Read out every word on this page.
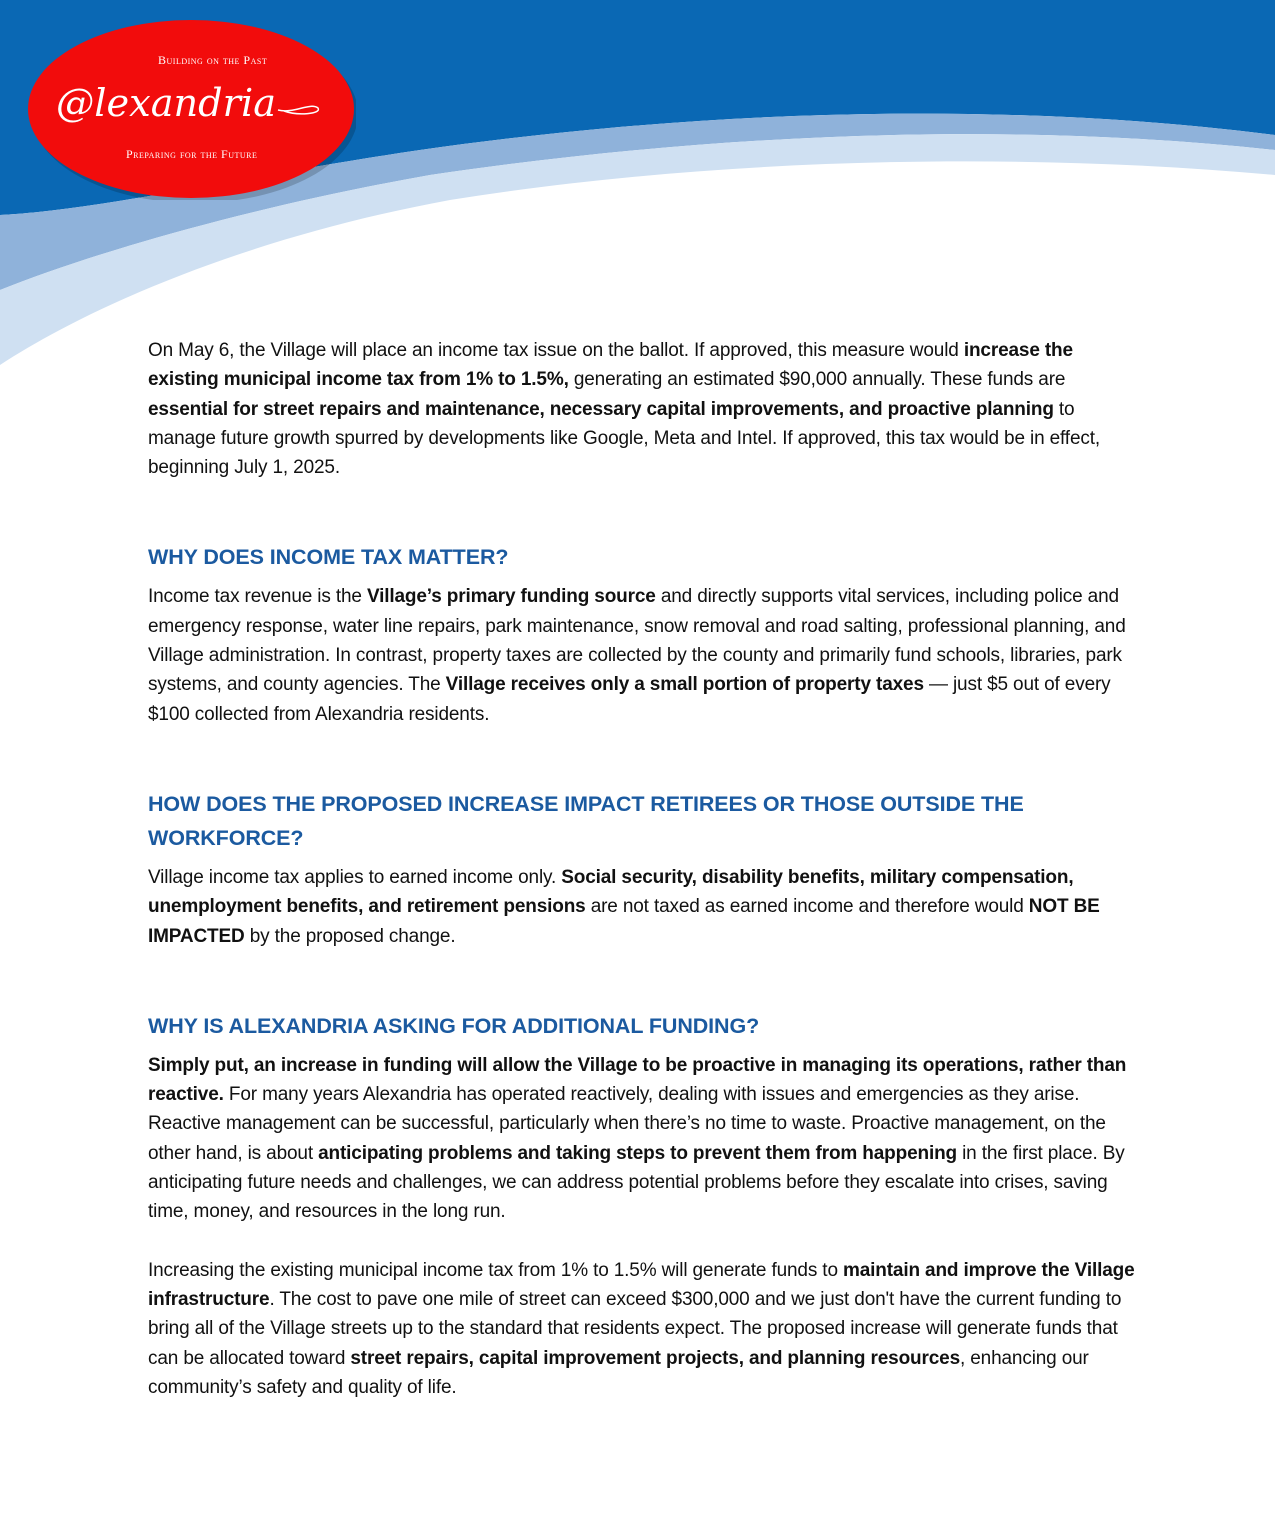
Building on the Past
@lexandria
Preparing for the Future

On May 6, the Village will place an income tax issue on the ballot. If approved, this measure would increase the existing municipal income tax from 1% to 1.5%, generating an estimated $90,000 annually. These funds are essential for street repairs and maintenance, necessary capital improvements, and proactive planning to manage future growth spurred by developments like Google, Meta and Intel. If approved, this tax would be in effect, beginning July 1, 2025.

WHY DOES INCOME TAX MATTER?

Income tax revenue is the Village’s primary funding source and directly supports vital services, including police and emergency response, water line repairs, park maintenance, snow removal and road salting, professional planning, and Village administration. In contrast, property taxes are collected by the county and primarily fund schools, libraries, park systems, and county agencies. The Village receives only a small portion of property taxes — just $5 out of every $100 collected from Alexandria residents.

HOW DOES THE PROPOSED INCREASE IMPACT RETIREES OR THOSE OUTSIDE THE WORKFORCE?

Village income tax applies to earned income only. Social security, disability benefits, military compensation, unemployment benefits, and retirement pensions are not taxed as earned income and therefore would NOT BE IMPACTED by the proposed change.

WHY IS ALEXANDRIA ASKING FOR ADDITIONAL FUNDING?

Simply put, an increase in funding will allow the Village to be proactive in managing its operations, rather than reactive. For many years Alexandria has operated reactively, dealing with issues and emergencies as they arise. Reactive management can be successful, particularly when there’s no time to waste. Proactive management, on the other hand, is about anticipating problems and taking steps to prevent them from happening in the first place. By anticipating future needs and challenges, we can address potential problems before they escalate into crises, saving time, money, and resources in the long run.

Increasing the existing municipal income tax from 1% to 1.5% will generate funds to maintain and improve the Village infrastructure. The cost to pave one mile of street can exceed $300,000 and we just don't have the current funding to bring all of the Village streets up to the standard that residents expect. The proposed increase will generate funds that can be allocated toward street repairs, capital improvement projects, and planning resources, enhancing our community’s safety and quality of life.
